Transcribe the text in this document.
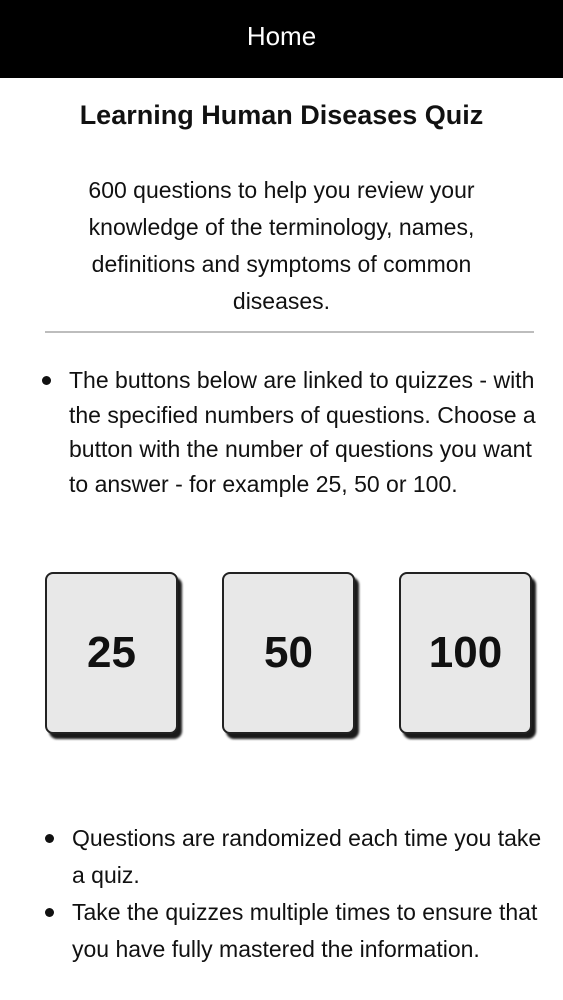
Home
Learning Human Diseases Quiz

600 questions to help you review your knowledge of the terminology, names, definitions and symptoms of common diseases.

The buttons below are linked to quizzes - with the specified numbers of questions. Choose a button with the number of questions you want to answer - for example 25, 50 or 100.
25	50	100
Questions are randomized each time you take a quiz.
Take the quizzes multiple times to ensure that you have fully mastered the information.
